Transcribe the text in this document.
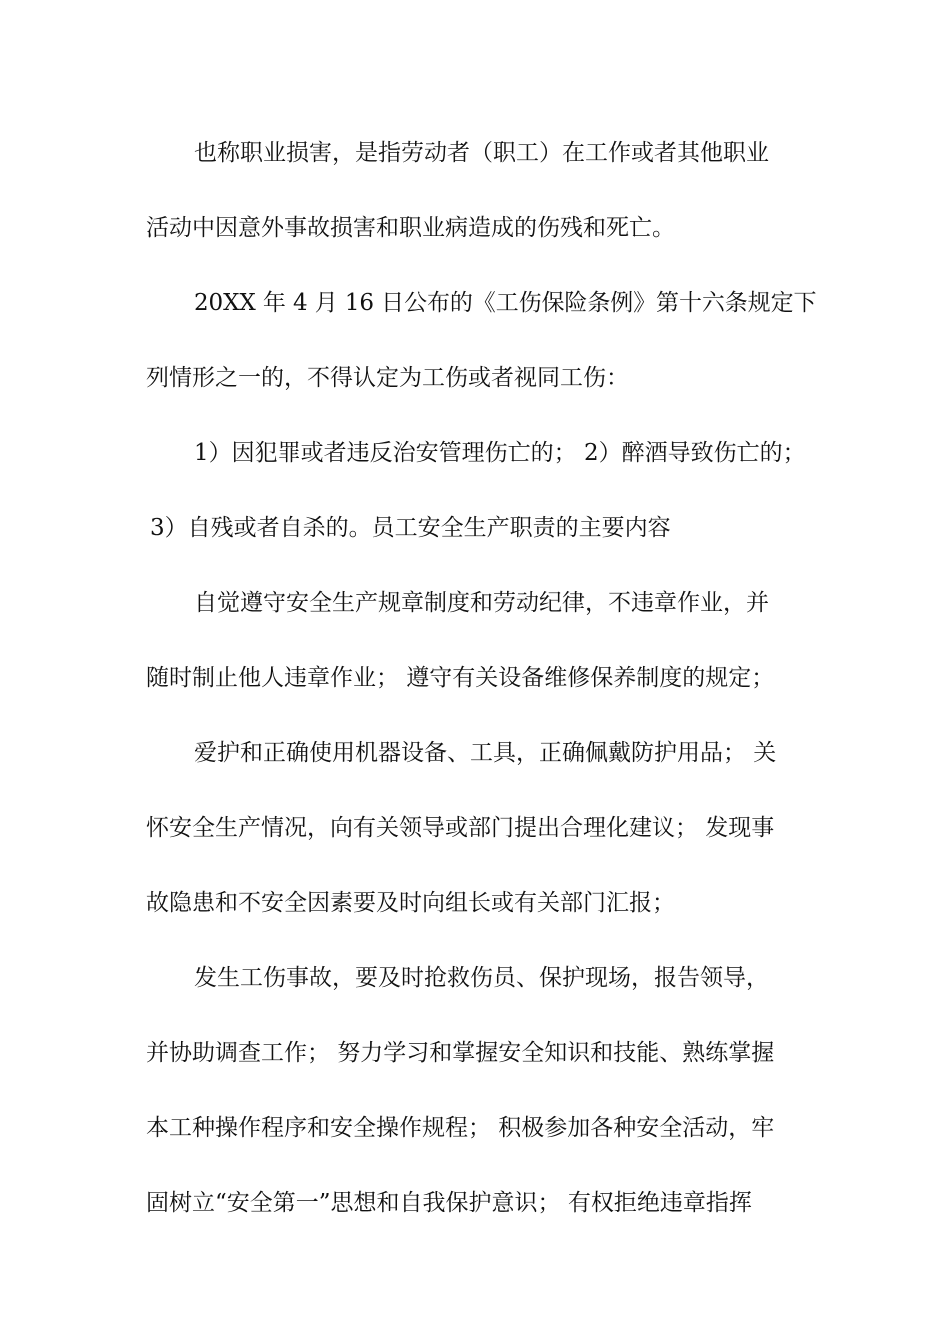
也称职业损害，是指劳动者（职工）在工作或者其他职业

活动中因意外事故损害和职业病造成的伤残和死亡。

20XX 年 4 月 16 日公布的《工伤保险条例》第十六条规定下

列情形之一的，不得认定为工伤或者视同工伤：

1）因犯罪或者违反治安管理伤亡的； 2）醉酒导致伤亡的；

3）自残或者自杀的。员工安全生产职责的主要内容

自觉遵守安全生产规章制度和劳动纪律，不违章作业，并

随时制止他人违章作业； 遵守有关设备维修保养制度的规定；

爱护和正确使用机器设备、工具，正确佩戴防护用品； 关

怀安全生产情况，向有关领导或部门提出合理化建议； 发现事

故隐患和不安全因素要及时向组长或有关部门汇报；

发生工伤事故，要及时抢救伤员、保护现场，报告领导，

并协助调查工作； 努力学习和掌握安全知识和技能、熟练掌握

本工种操作程序和安全操作规程； 积极参加各种安全活动，牢

固树立“安全第一”思想和自我保护意识； 有权拒绝违章指挥
